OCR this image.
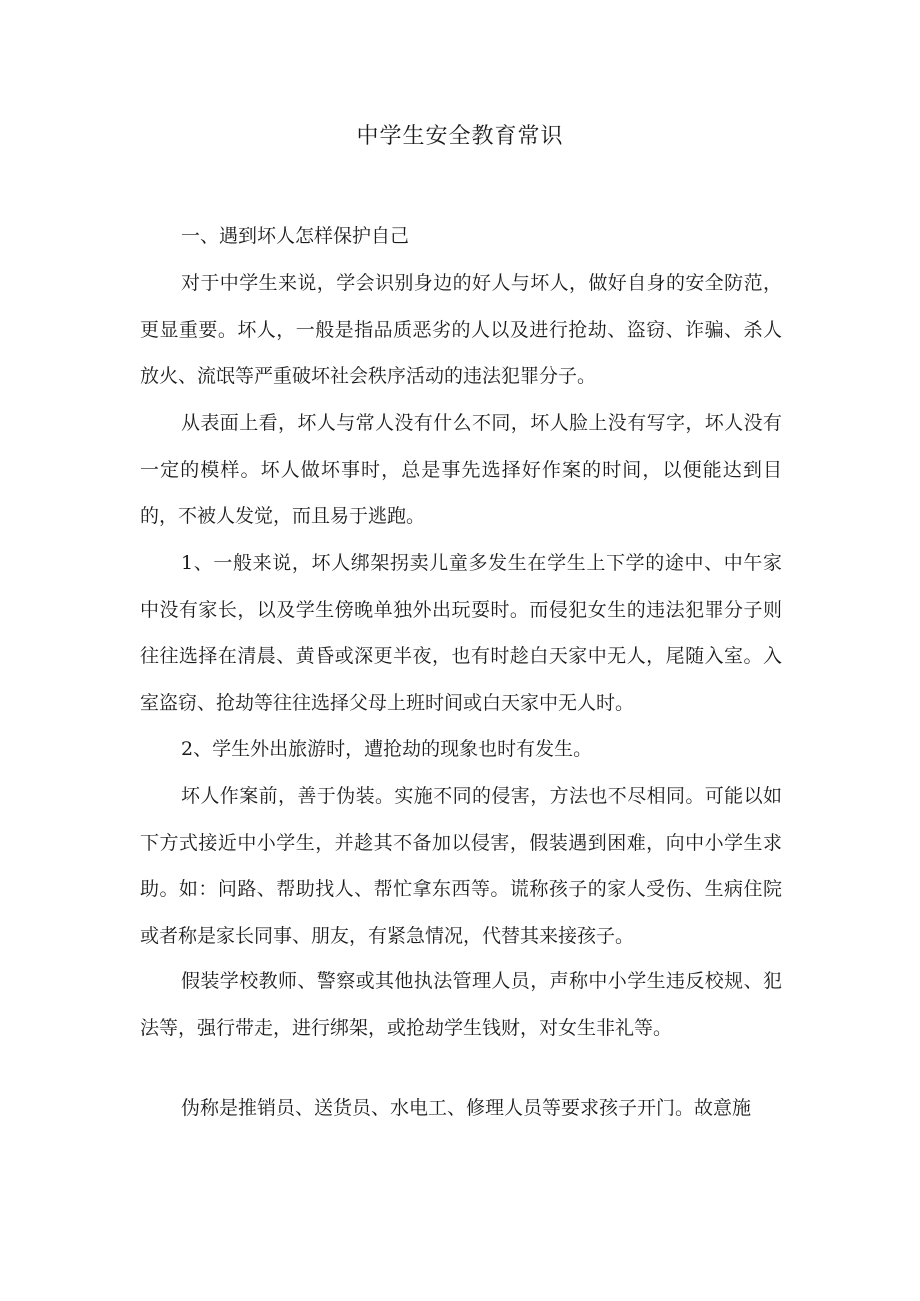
中学生安全教育常识

一、遇到坏人怎样保护自己

对于中学生来说，学会识别身边的好人与坏人，做好自身的安全防范，更显重要。坏人，一般是指品质恶劣的人以及进行抢劫、盗窃、诈骗、杀人放火、流氓等严重破坏社会秩序活动的违法犯罪分子。

从表面上看，坏人与常人没有什么不同，坏人脸上没有写字，坏人没有一定的模样。坏人做坏事时，总是事先选择好作案的时间，以便能达到目的，不被人发觉，而且易于逃跑。

1、一般来说，坏人绑架拐卖儿童多发生在学生上下学的途中、中午家中没有家长，以及学生傍晚单独外出玩耍时。而侵犯女生的违法犯罪分子则往往选择在清晨、黄昏或深更半夜，也有时趁白天家中无人，尾随入室。入室盗窃、抢劫等往往选择父母上班时间或白天家中无人时。

2、学生外出旅游时，遭抢劫的现象也时有发生。

坏人作案前，善于伪装。实施不同的侵害，方法也不尽相同。可能以如下方式接近中小学生，并趁其不备加以侵害，假装遇到困难，向中小学生求助。如：问路、帮助找人、帮忙拿东西等。谎称孩子的家人受伤、生病住院或者称是家长同事、朋友，有紧急情况，代替其来接孩子。

假装学校教师、警察或其他执法管理人员，声称中小学生违反校规、犯法等，强行带走，进行绑架，或抢劫学生钱财，对女生非礼等。

伪称是推销员、送货员、水电工、修理人员等要求孩子开门。故意施
